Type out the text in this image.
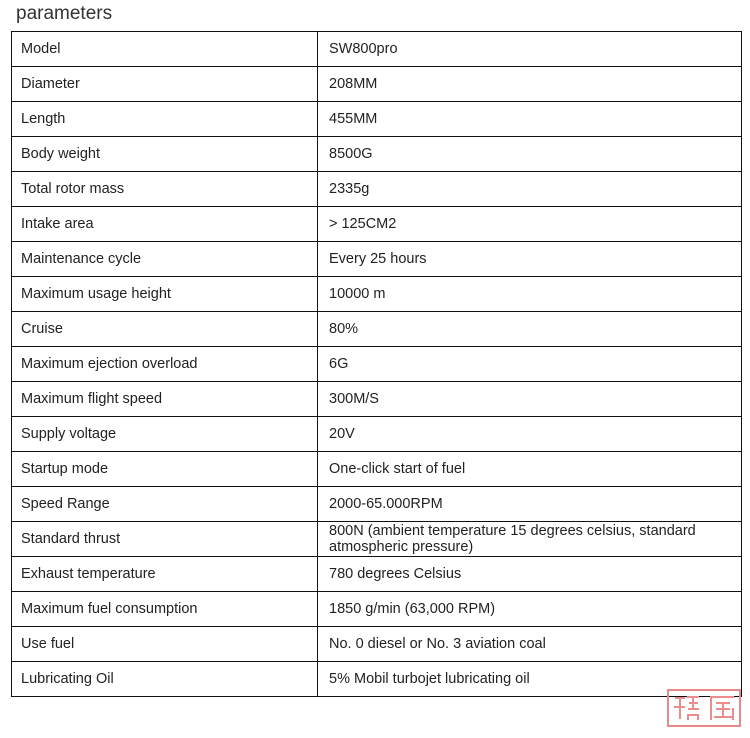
parameters
Model	SW800pro
Diameter	208MM
Length	455MM
Body weight	8500G
Total rotor mass	2335g
Intake area	> 125CM2
Maintenance cycle	Every 25 hours
Maximum usage height	10000 m
Cruise	80%
Maximum ejection overload	6G
Maximum flight speed	300M/S
Supply voltage	20V
Startup mode	One-click start of fuel
Speed Range	2000-65.000RPM
Standard thrust	800N (ambient temperature 15 degrees celsius, standard atmospheric pressure)
Exhaust temperature	780 degrees Celsius
Maximum fuel consumption	1850 g/min (63,000 RPM)
Use fuel	No. 0 diesel or No. 3 aviation coal
Lubricating Oil	5% Mobil turbojet lubricating oil
